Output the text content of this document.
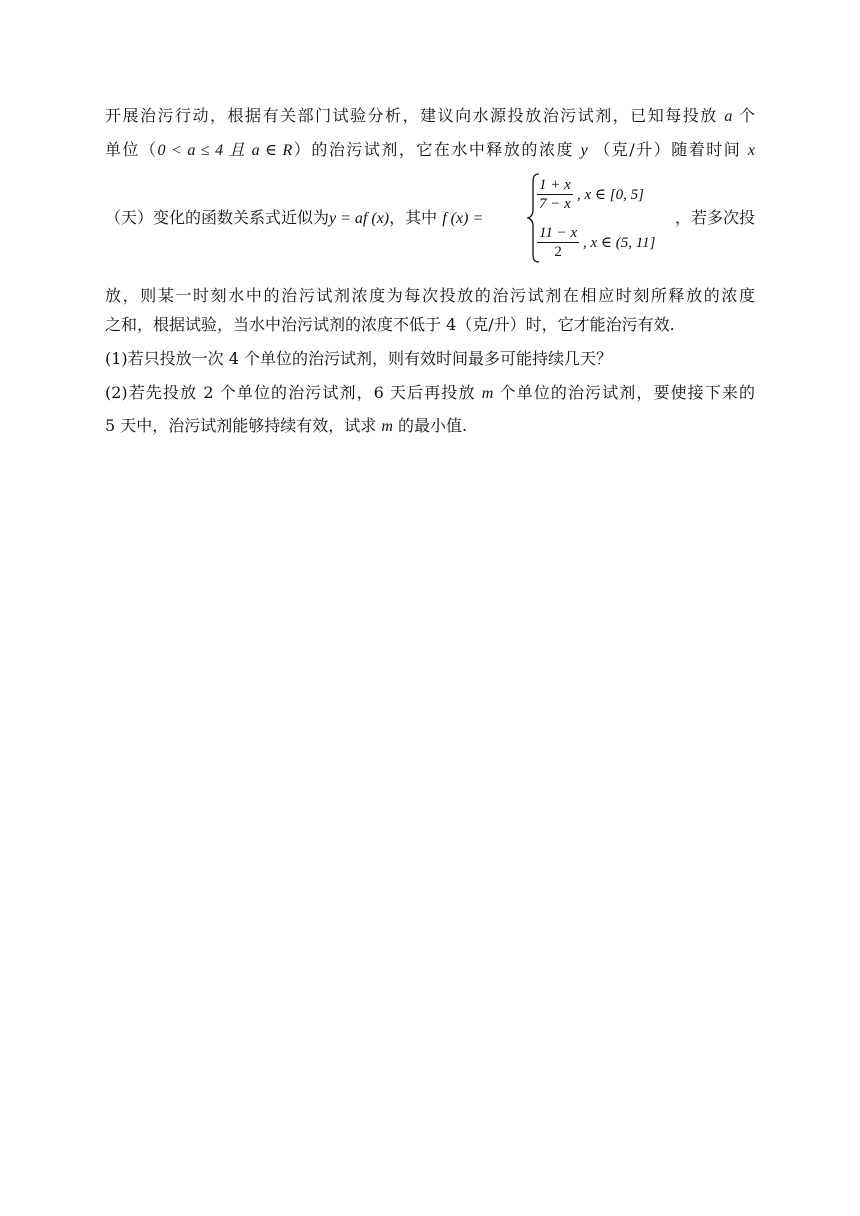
开展治污行动，根据有关部门试验分析，建议向水源投放治污试剂，已知每投放 a 个
单位（0 < a ≤ 4 且 a ∈ R）的治污试剂，它在水中释放的浓度 y （克/升）随着时间 x
（天）变化的函数关系式近似为y = af (x)，其中 f (x) =
$\frac{1 + x}{7 - x}$ , x ∈ [0, 5]
$\frac{11 - x}{2}$ , x ∈ (5, 11]
，若多次投
放，则某一时刻水中的治污试剂浓度为每次投放的治污试剂在相应时刻所释放的浓度
之和，根据试验，当水中治污试剂的浓度不低于 4（克/升）时，它才能治污有效.
(1)若只投放一次 4 个单位的治污试剂，则有效时间最多可能持续几天？
(2)若先投放 2 个单位的治污试剂，6 天后再投放 m 个单位的治污试剂，要使接下来的
5 天中，治污试剂能够持续有效，试求 m 的最小值.
